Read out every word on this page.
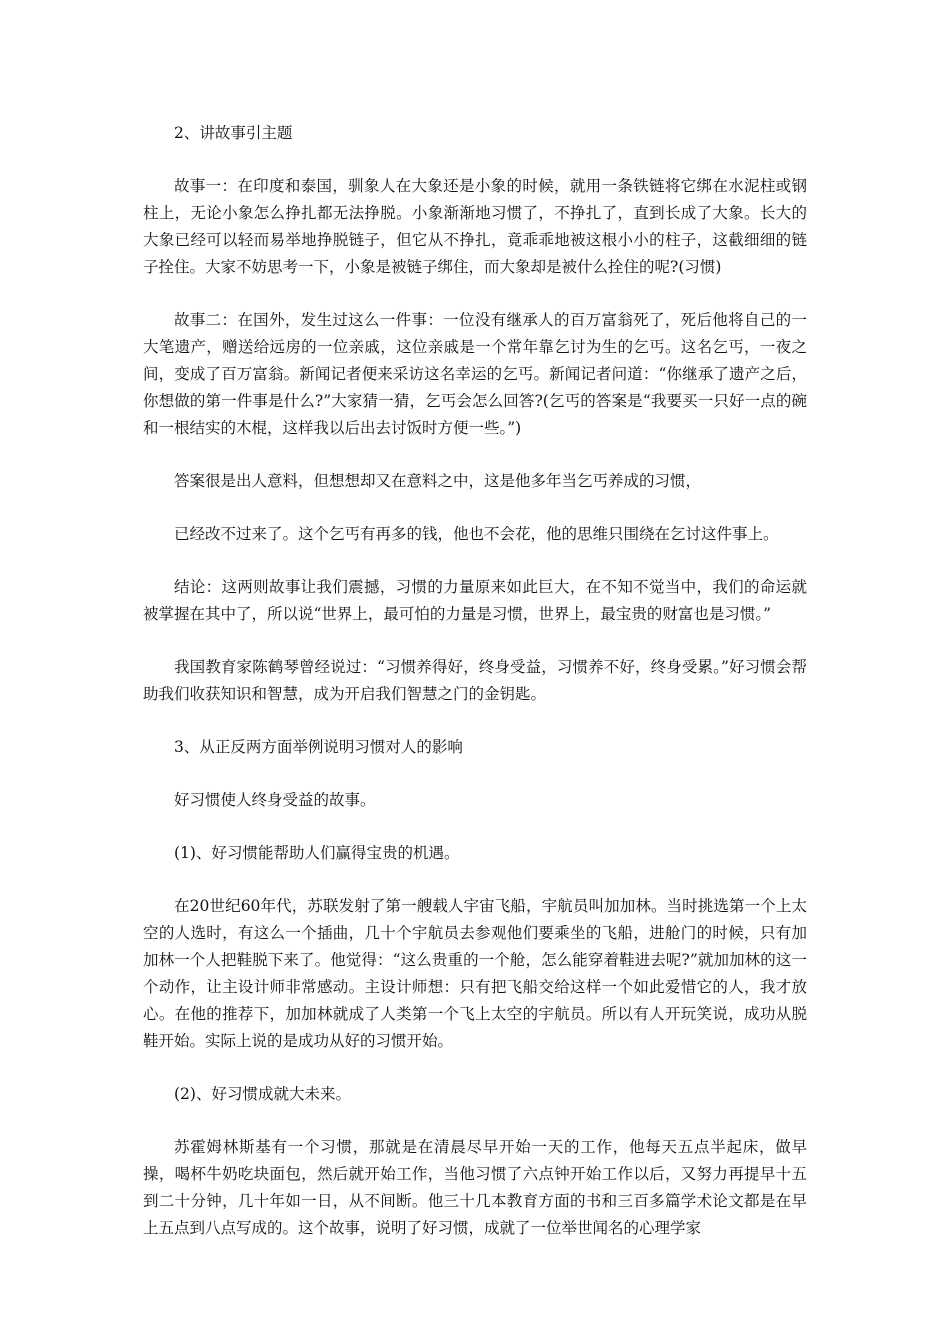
2、讲故事引主题

故事一：在印度和泰国，驯象人在大象还是小象的时候，就用一条铁链将它绑在水泥柱或钢柱上，无论小象怎么挣扎都无法挣脱。小象渐渐地习惯了，不挣扎了，直到长成了大象。长大的大象已经可以轻而易举地挣脱链子，但它从不挣扎，竟乖乖地被这根小小的柱子，这截细细的链子拴住。大家不妨思考一下，小象是被链子绑住，而大象却是被什么拴住的呢?(习惯)

故事二：在国外，发生过这么一件事：一位没有继承人的百万富翁死了，死后他将自己的一大笔遗产，赠送给远房的一位亲戚，这位亲戚是一个常年靠乞讨为生的乞丐。这名乞丐，一夜之间，变成了百万富翁。新闻记者便来采访这名幸运的乞丐。新闻记者问道：“你继承了遗产之后，你想做的第一件事是什么?”大家猜一猜，乞丐会怎么回答?(乞丐的答案是“我要买一只好一点的碗和一根结实的木棍，这样我以后出去讨饭时方便一些。”)

答案很是出人意料，但想想却又在意料之中，这是他多年当乞丐养成的习惯，

已经改不过来了。这个乞丐有再多的钱，他也不会花，他的思维只围绕在乞讨这件事上。

结论：这两则故事让我们震撼，习惯的力量原来如此巨大，在不知不觉当中，我们的命运就被掌握在其中了，所以说“世界上，最可怕的力量是习惯，世界上，最宝贵的财富也是习惯。”

我国教育家陈鹤琴曾经说过：“习惯养得好，终身受益，习惯养不好，终身受累。”好习惯会帮助我们收获知识和智慧，成为开启我们智慧之门的金钥匙。

3、从正反两方面举例说明习惯对人的影响

好习惯使人终身受益的故事。

(1)、好习惯能帮助人们赢得宝贵的机遇。

在20世纪60年代，苏联发射了第一艘载人宇宙飞船，宇航员叫加加林。当时挑选第一个上太空的人选时，有这么一个插曲，几十个宇航员去参观他们要乘坐的飞船，进舱门的时候，只有加加林一个人把鞋脱下来了。他觉得：“这么贵重的一个舱，怎么能穿着鞋进去呢?”就加加林的这一个动作，让主设计师非常感动。主设计师想：只有把飞船交给这样一个如此爱惜它的人，我才放心。在他的推荐下，加加林就成了人类第一个飞上太空的宇航员。所以有人开玩笑说，成功从脱鞋开始。实际上说的是成功从好的习惯开始。

(2)、好习惯成就大未来。

苏霍姆林斯基有一个习惯，那就是在清晨尽早开始一天的工作，他每天五点半起床，做早操，喝杯牛奶吃块面包，然后就开始工作，当他习惯了六点钟开始工作以后，又努力再提早十五到二十分钟，几十年如一日，从不间断。他三十几本教育方面的书和三百多篇学术论文都是在早上五点到八点写成的。这个故事，说明了好习惯，成就了一位举世闻名的心理学家
